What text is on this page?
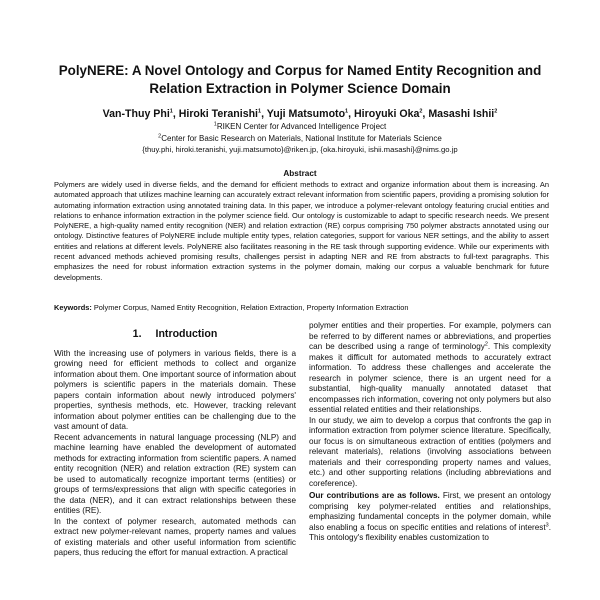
PolyNERE: A Novel Ontology and Corpus for Named Entity Recognition and
Relation Extraction in Polymer Science Domain
Van-Thuy Phi$^1$, Hiroki Teranishi$^1$, Yuji Matsumoto$^1$, Hiroyuki Oka$^2$, Masashi Ishii$^2$
$^1$RIKEN Center for Advanced Intelligence Project
$^2$Center for Basic Research on Materials, National Institute for Materials Science
{thuy.phi, hiroki.teranishi, yuji.matsumoto}@riken.jp, {oka.hiroyuki, ishii.masashi}@nims.go.jp
Abstract

Polymers are widely used in diverse fields, and the demand for efficient methods to extract and organize information about them is increasing. An automated approach that utilizes machine learning can accurately extract relevant information from scientific papers, providing a promising solution for automating information extraction using annotated training data. In this paper, we introduce a polymer-relevant ontology featuring crucial entities and relations to enhance information extraction in the polymer science field. Our ontology is customizable to adapt to specific research needs. We present PolyNERE, a high-quality named entity recognition (NER) and relation extraction (RE) corpus comprising 750 polymer abstracts annotated using our ontology. Distinctive features of PolyNERE include multiple entity types, relation categories, support for various NER settings, and the ability to assert entities and relations at different levels. PolyNERE also facilitates reasoning in the RE task through supporting evidence. While our experiments with recent advanced methods achieved promising results, challenges persist in adapting NER and RE from abstracts to full-text paragraphs. This emphasizes the need for robust information extraction systems in the polymer domain, making our corpus a valuable benchmark for future developments.

Keywords: Polymer Corpus, Named Entity Recognition, Relation Extraction, Property Information Extraction
1. Introduction

With the increasing use of polymers in various fields, there is a growing need for efficient methods to collect and organize information about them. One important source of information about polymers is scientific papers in the materials domain. These papers contain information about newly introduced polymers' properties, synthesis methods, etc. However, tracking relevant information about polymer entities can be challenging due to the vast amount of data.

Recent advancements in natural language processing (NLP) and machine learning have enabled the development of automated methods for extracting information from scientific papers. A named entity recognition (NER) and relation extraction (RE) system can be used to automatically recognize important terms (entities) or groups of terms/expressions that align with specific categories in the data (NER), and it can extract relationships between these entities (RE).

In the context of polymer research, automated methods can extract new polymer-relevant names, property names and values of existing materials and other useful information from scientific papers, thus reducing the effort for manual extraction. A practical

polymer entities and their properties. For example, polymers can be referred to by different names or abbreviations, and properties can be described using a range of terminology$^2$. This complexity makes it difficult for automated methods to accurately extract information. To address these challenges and accelerate the research in polymer science, there is an urgent need for a substantial, high-quality manually annotated dataset that encompasses rich information, covering not only polymers but also essential related entities and their relationships.

In our study, we aim to develop a corpus that confronts the gap in information extraction from polymer science literature. Specifically, our focus is on simultaneous extraction of entities (polymers and relevant materials), relations (involving associations between materials and their corresponding property names and values, etc.) and other supporting relations (including abbreviations and coreference).

Our contributions are as follows. First, we present an ontology comprising key polymer-related entities and relationships, emphasizing fundamental concepts in the polymer domain, while also enabling a focus on specific entities and relations of interest$^3$. This ontology's flexibility enables customization to
